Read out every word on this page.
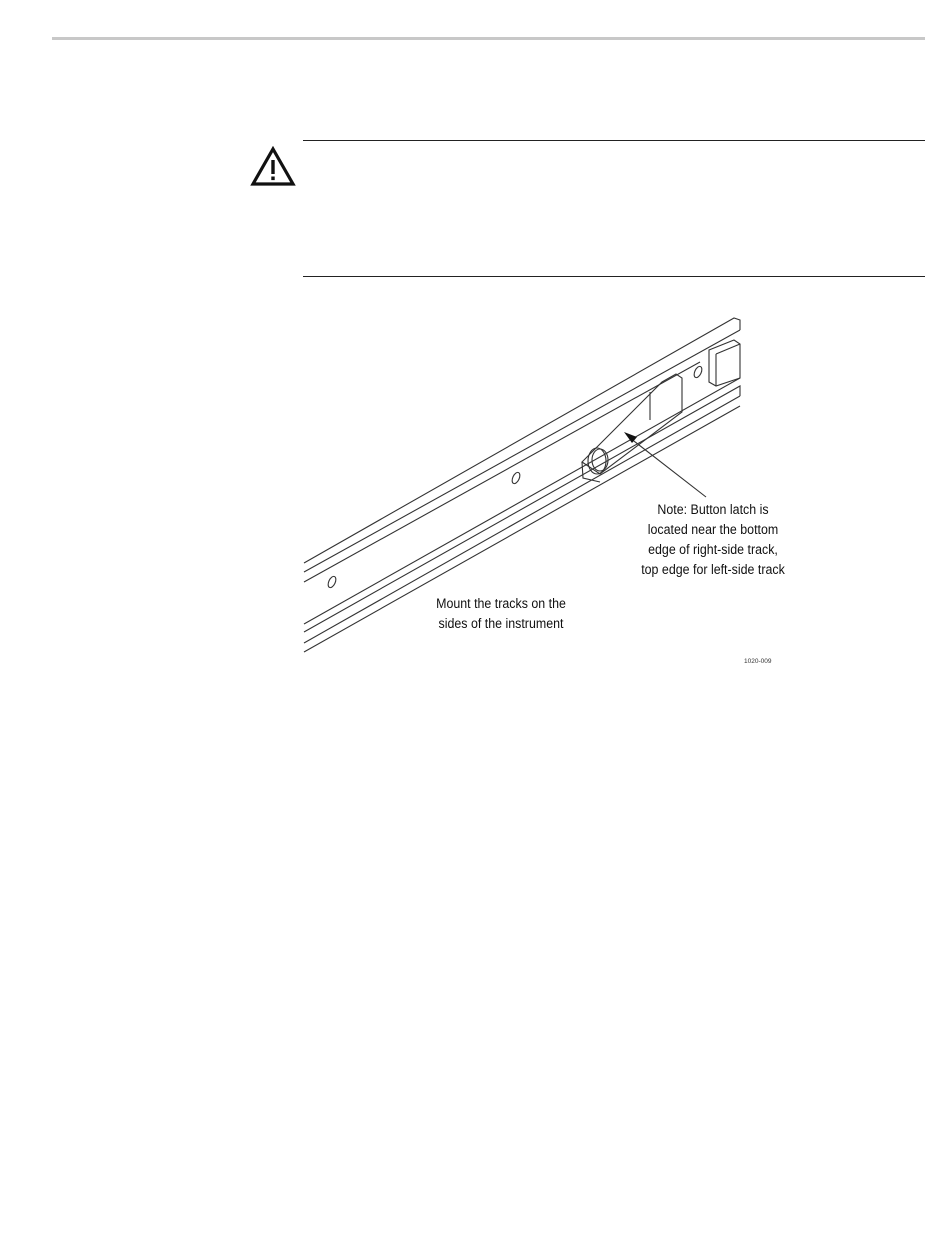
Note: Button latch is
located near the bottom
edge of right-side track,
top edge for left-side track
Mount the tracks on the
sides of the instrument
1020-009
